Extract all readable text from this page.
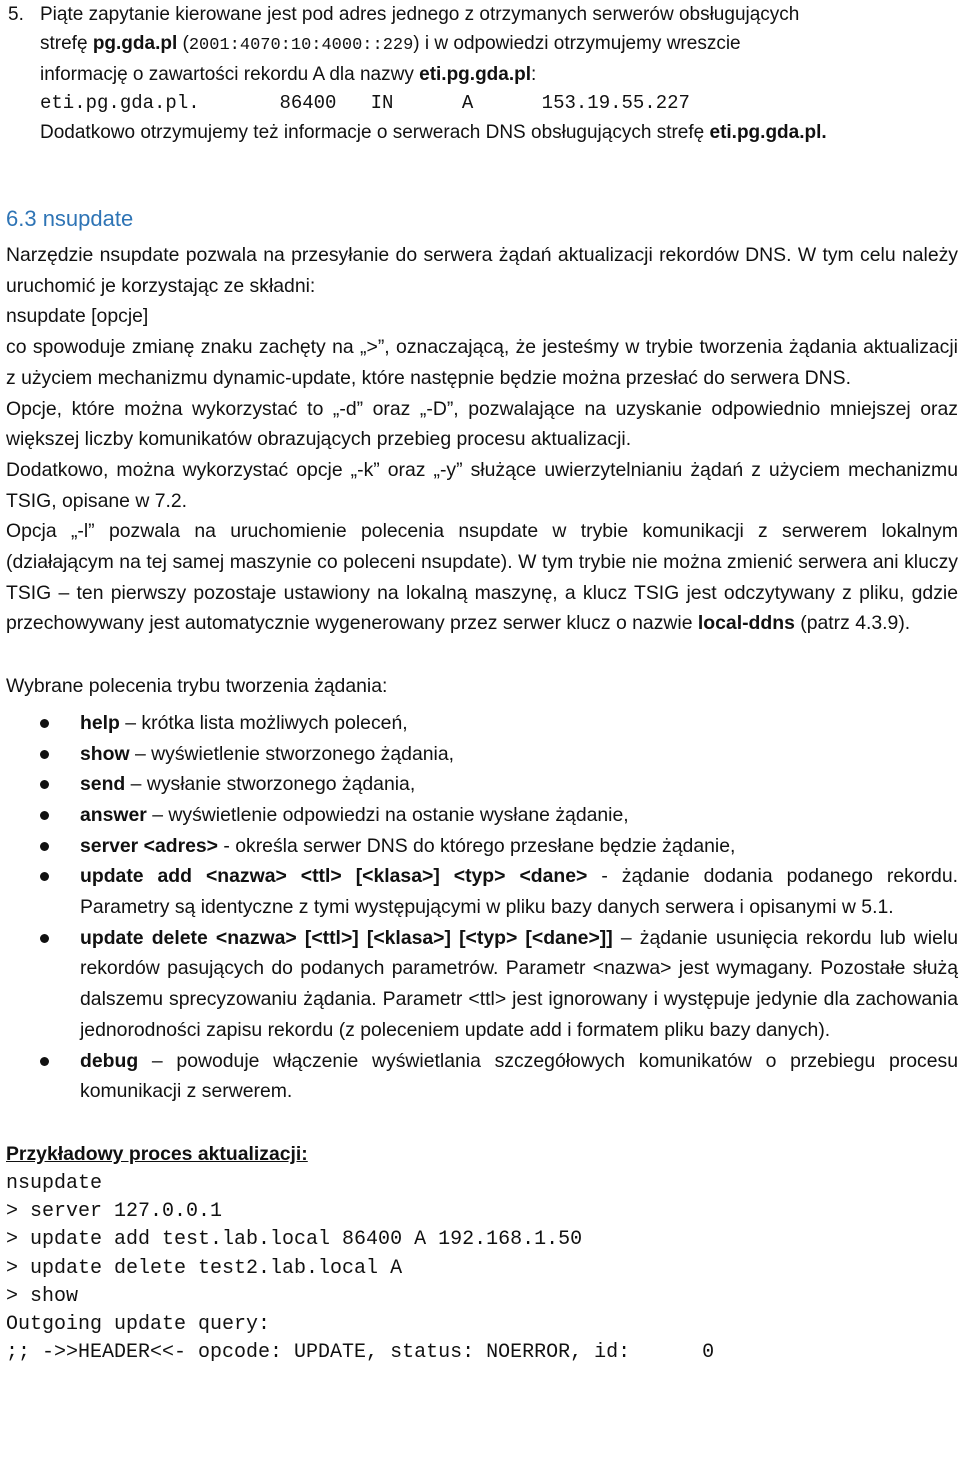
5. Piąte zapytanie kierowane jest pod adres jednego z otrzymanych serwerów obsługujących
strefę pg.gda.pl (2001:4070:10:4000::229) i w odpowiedzi otrzymujemy wreszcie
informację o zawartości rekordu A dla nazwy eti.pg.gda.pl:
eti.pg.gda.pl.       86400   IN      A      153.19.55.227
Dodatkowo otrzymujemy też informacje o serwerach DNS obsługujących strefę eti.pg.gda.pl.
6.3 nsupdate

Narzędzie nsupdate pozwala na przesyłanie do serwera żądań aktualizacji rekordów DNS. W tym celu należy uruchomić je korzystając ze składni:

nsupdate [opcje]

co spowoduje zmianę znaku zachęty na „>”, oznaczającą, że jesteśmy w trybie tworzenia żądania aktualizacji z użyciem mechanizmu dynamic-update, które następnie będzie można przesłać do serwera DNS.

Opcje, które można wykorzystać to „-d” oraz „-D”, pozwalające na uzyskanie odpowiednio mniejszej oraz większej liczby komunikatów obrazujących przebieg procesu aktualizacji.

Dodatkowo, można wykorzystać opcje „-k” oraz „-y” służące uwierzytelnianiu żądań z użyciem mechanizmu TSIG, opisane w 7.2.

Opcja „-l” pozwala na uruchomienie polecenia nsupdate w trybie komunikacji z serwerem lokalnym (działającym na tej samej maszynie co poleceni nsupdate). W tym trybie nie można zmienić serwera ani kluczy TSIG – ten pierwszy pozostaje ustawiony na lokalną maszynę, a klucz TSIG jest odczytywany z pliku, gdzie przechowywany jest automatycznie wygenerowany przez serwer klucz o nazwie local-ddns (patrz 4.3.9).

Wybrane polecenia trybu tworzenia żądania:

help – krótka lista możliwych poleceń,
show – wyświetlenie stworzonego żądania,
send – wysłanie stworzonego żądania,
answer – wyświetlenie odpowiedzi na ostanie wysłane żądanie,
server <adres> - określa serwer DNS do którego przesłane będzie żądanie,
update add <nazwa> <ttl> [<klasa>] <typ> <dane> - żądanie dodania podanego rekordu. Parametry są identyczne z tymi występującymi w pliku bazy danych serwera i opisanymi w 5.1.
update delete <nazwa> [<ttl>] [<klasa>] [<typ> [<dane>]] – żądanie usunięcia rekordu lub wielu rekordów pasujących do podanych parametrów. Parametr <nazwa> jest wymagany. Pozostałe służą dalszemu sprecyzowaniu żądania. Parametr <ttl> jest ignorowany i występuje jedynie dla zachowania jednorodności zapisu rekordu (z poleceniem update add i formatem pliku bazy danych).
debug – powoduje włączenie wyświetlania szczegółowych komunikatów o przebiegu procesu komunikacji z serwerem.

Przykładowy proces aktualizacji:

nsupdate
> server 127.0.0.1
> update add test.lab.local 86400 A 192.168.1.50
> update delete test2.lab.local A
> show
Outgoing update query:
;; ->>HEADER<<- opcode: UPDATE, status: NOERROR, id:      0
